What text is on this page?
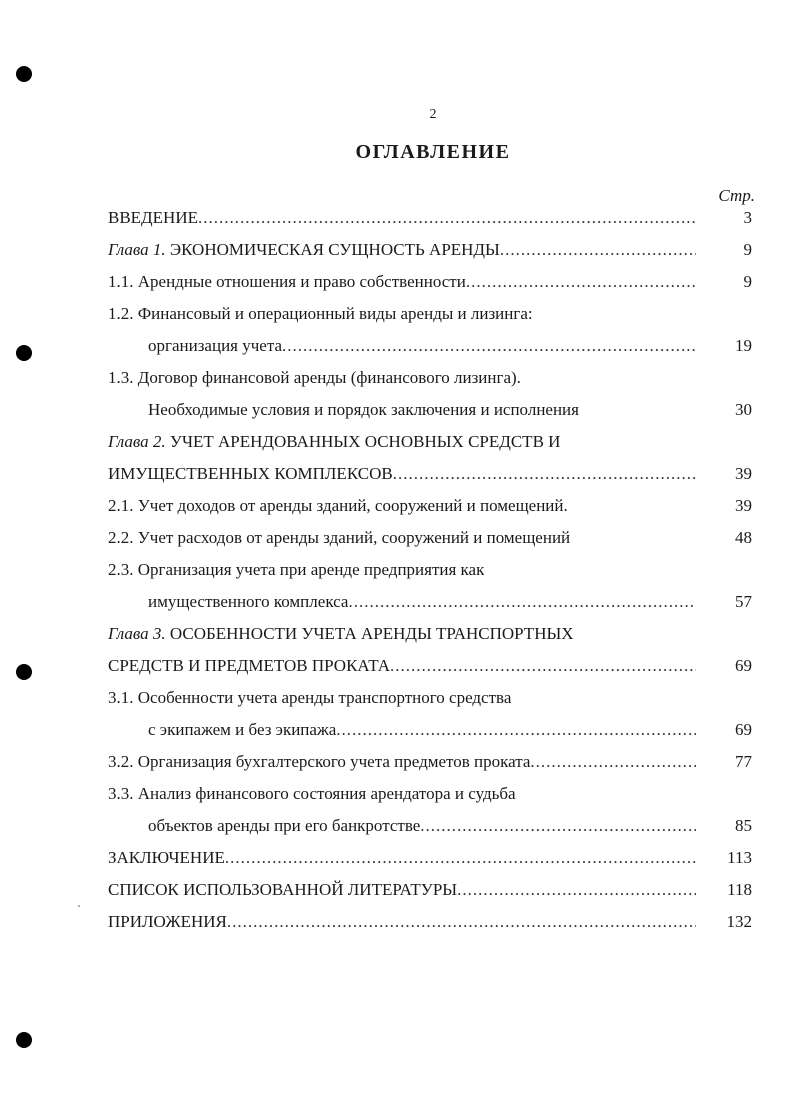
2
ОГЛАВЛЕНИЕ
Стр.
ВВЕДЕНИЕ .....	3
Глава 1. ЭКОНОМИЧЕСКАЯ СУЩНОСТЬ АРЕНДЫ .....	9
1.1. Арендные отношения и право собственности .....	9
1.2. Финансовый и операционный виды аренды и лизинга:
организация учета .....	19
1.3. Договор финансовой аренды (финансового лизинга).
Необходимые условия и порядок заключения и исполнения	30
Глава 2. УЧЕТ АРЕНДОВАННЫХ ОСНОВНЫХ СРЕДСТВ И
ИМУЩЕСТВЕННЫХ КОМПЛЕКСОВ .....	39
2.1. Учет доходов от аренды зданий, сооружений и помещений.	39
2.2. Учет расходов от аренды зданий, сооружений и помещений	48
2.3. Организация учета при аренде предприятия как
имущественного комплекса .....	57
Глава 3. ОСОБЕННОСТИ УЧЕТА АРЕНДЫ ТРАНСПОРТНЫХ
СРЕДСТВ И ПРЕДМЕТОВ ПРОКАТА .....	69
3.1. Особенности учета аренды транспортного средства
с экипажем и без экипажа .....	69
3.2. Организация бухгалтерского учета предметов проката .....	77
3.3. Анализ финансового состояния арендатора и судьба
объектов аренды при его банкротстве .....	85
ЗАКЛЮЧЕНИЕ .....	113
СПИСОК ИСПОЛЬЗОВАННОЙ ЛИТЕРАТУРЫ .....	118
ПРИЛОЖЕНИЯ .....	132
